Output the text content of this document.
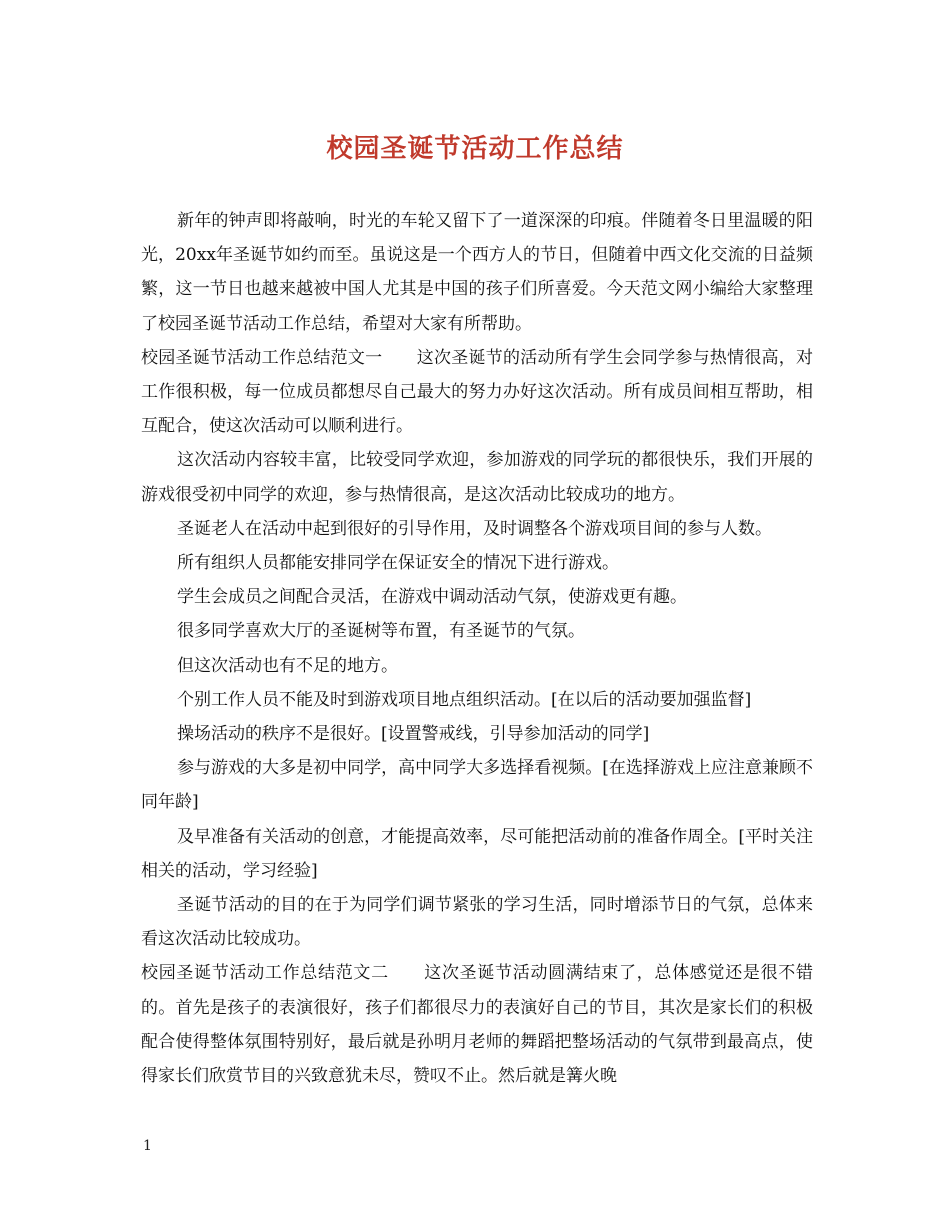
校园圣诞节活动工作总结

新年的钟声即将敲响，时光的车轮又留下了一道深深的印痕。伴随着冬日里温暖的阳光，20xx年圣诞节如约而至。虽说这是一个西方人的节日，但随着中西文化交流的日益频繁，这一节日也越来越被中国人尤其是中国的孩子们所喜爱。今天范文网小编给大家整理了校园圣诞节活动工作总结，希望对大家有所帮助。

校园圣诞节活动工作总结范文一　　这次圣诞节的活动所有学生会同学参与热情很高，对工作很积极，每一位成员都想尽自己最大的努力办好这次活动。所有成员间相互帮助，相互配合，使这次活动可以顺利进行。

这次活动内容较丰富，比较受同学欢迎，参加游戏的同学玩的都很快乐，我们开展的游戏很受初中同学的欢迎，参与热情很高，是这次活动比较成功的地方。

圣诞老人在活动中起到很好的引导作用，及时调整各个游戏项目间的参与人数。

所有组织人员都能安排同学在保证安全的情况下进行游戏。

学生会成员之间配合灵活，在游戏中调动活动气氛，使游戏更有趣。

很多同学喜欢大厅的圣诞树等布置，有圣诞节的气氛。

但这次活动也有不足的地方。

个别工作人员不能及时到游戏项目地点组织活动。[在以后的活动要加强监督]

操场活动的秩序不是很好。[设置警戒线，引导参加活动的同学]

参与游戏的大多是初中同学，高中同学大多选择看视频。[在选择游戏上应注意兼顾不同年龄]

及早准备有关活动的创意，才能提高效率，尽可能把活动前的准备作周全。[平时关注相关的活动，学习经验]

圣诞节活动的目的在于为同学们调节紧张的学习生活，同时增添节日的气氛，总体来看这次活动比较成功。

校园圣诞节活动工作总结范文二　　这次圣诞节活动圆满结束了，总体感觉还是很不错的。首先是孩子的表演很好，孩子们都很尽力的表演好自己的节目，其次是家长们的积极配合使得整体氛围特别好，最后就是孙明月老师的舞蹈把整场活动的气氛带到最高点，使得家长们欣赏节目的兴致意犹未尽，赞叹不止。然后就是篝火晚

1
